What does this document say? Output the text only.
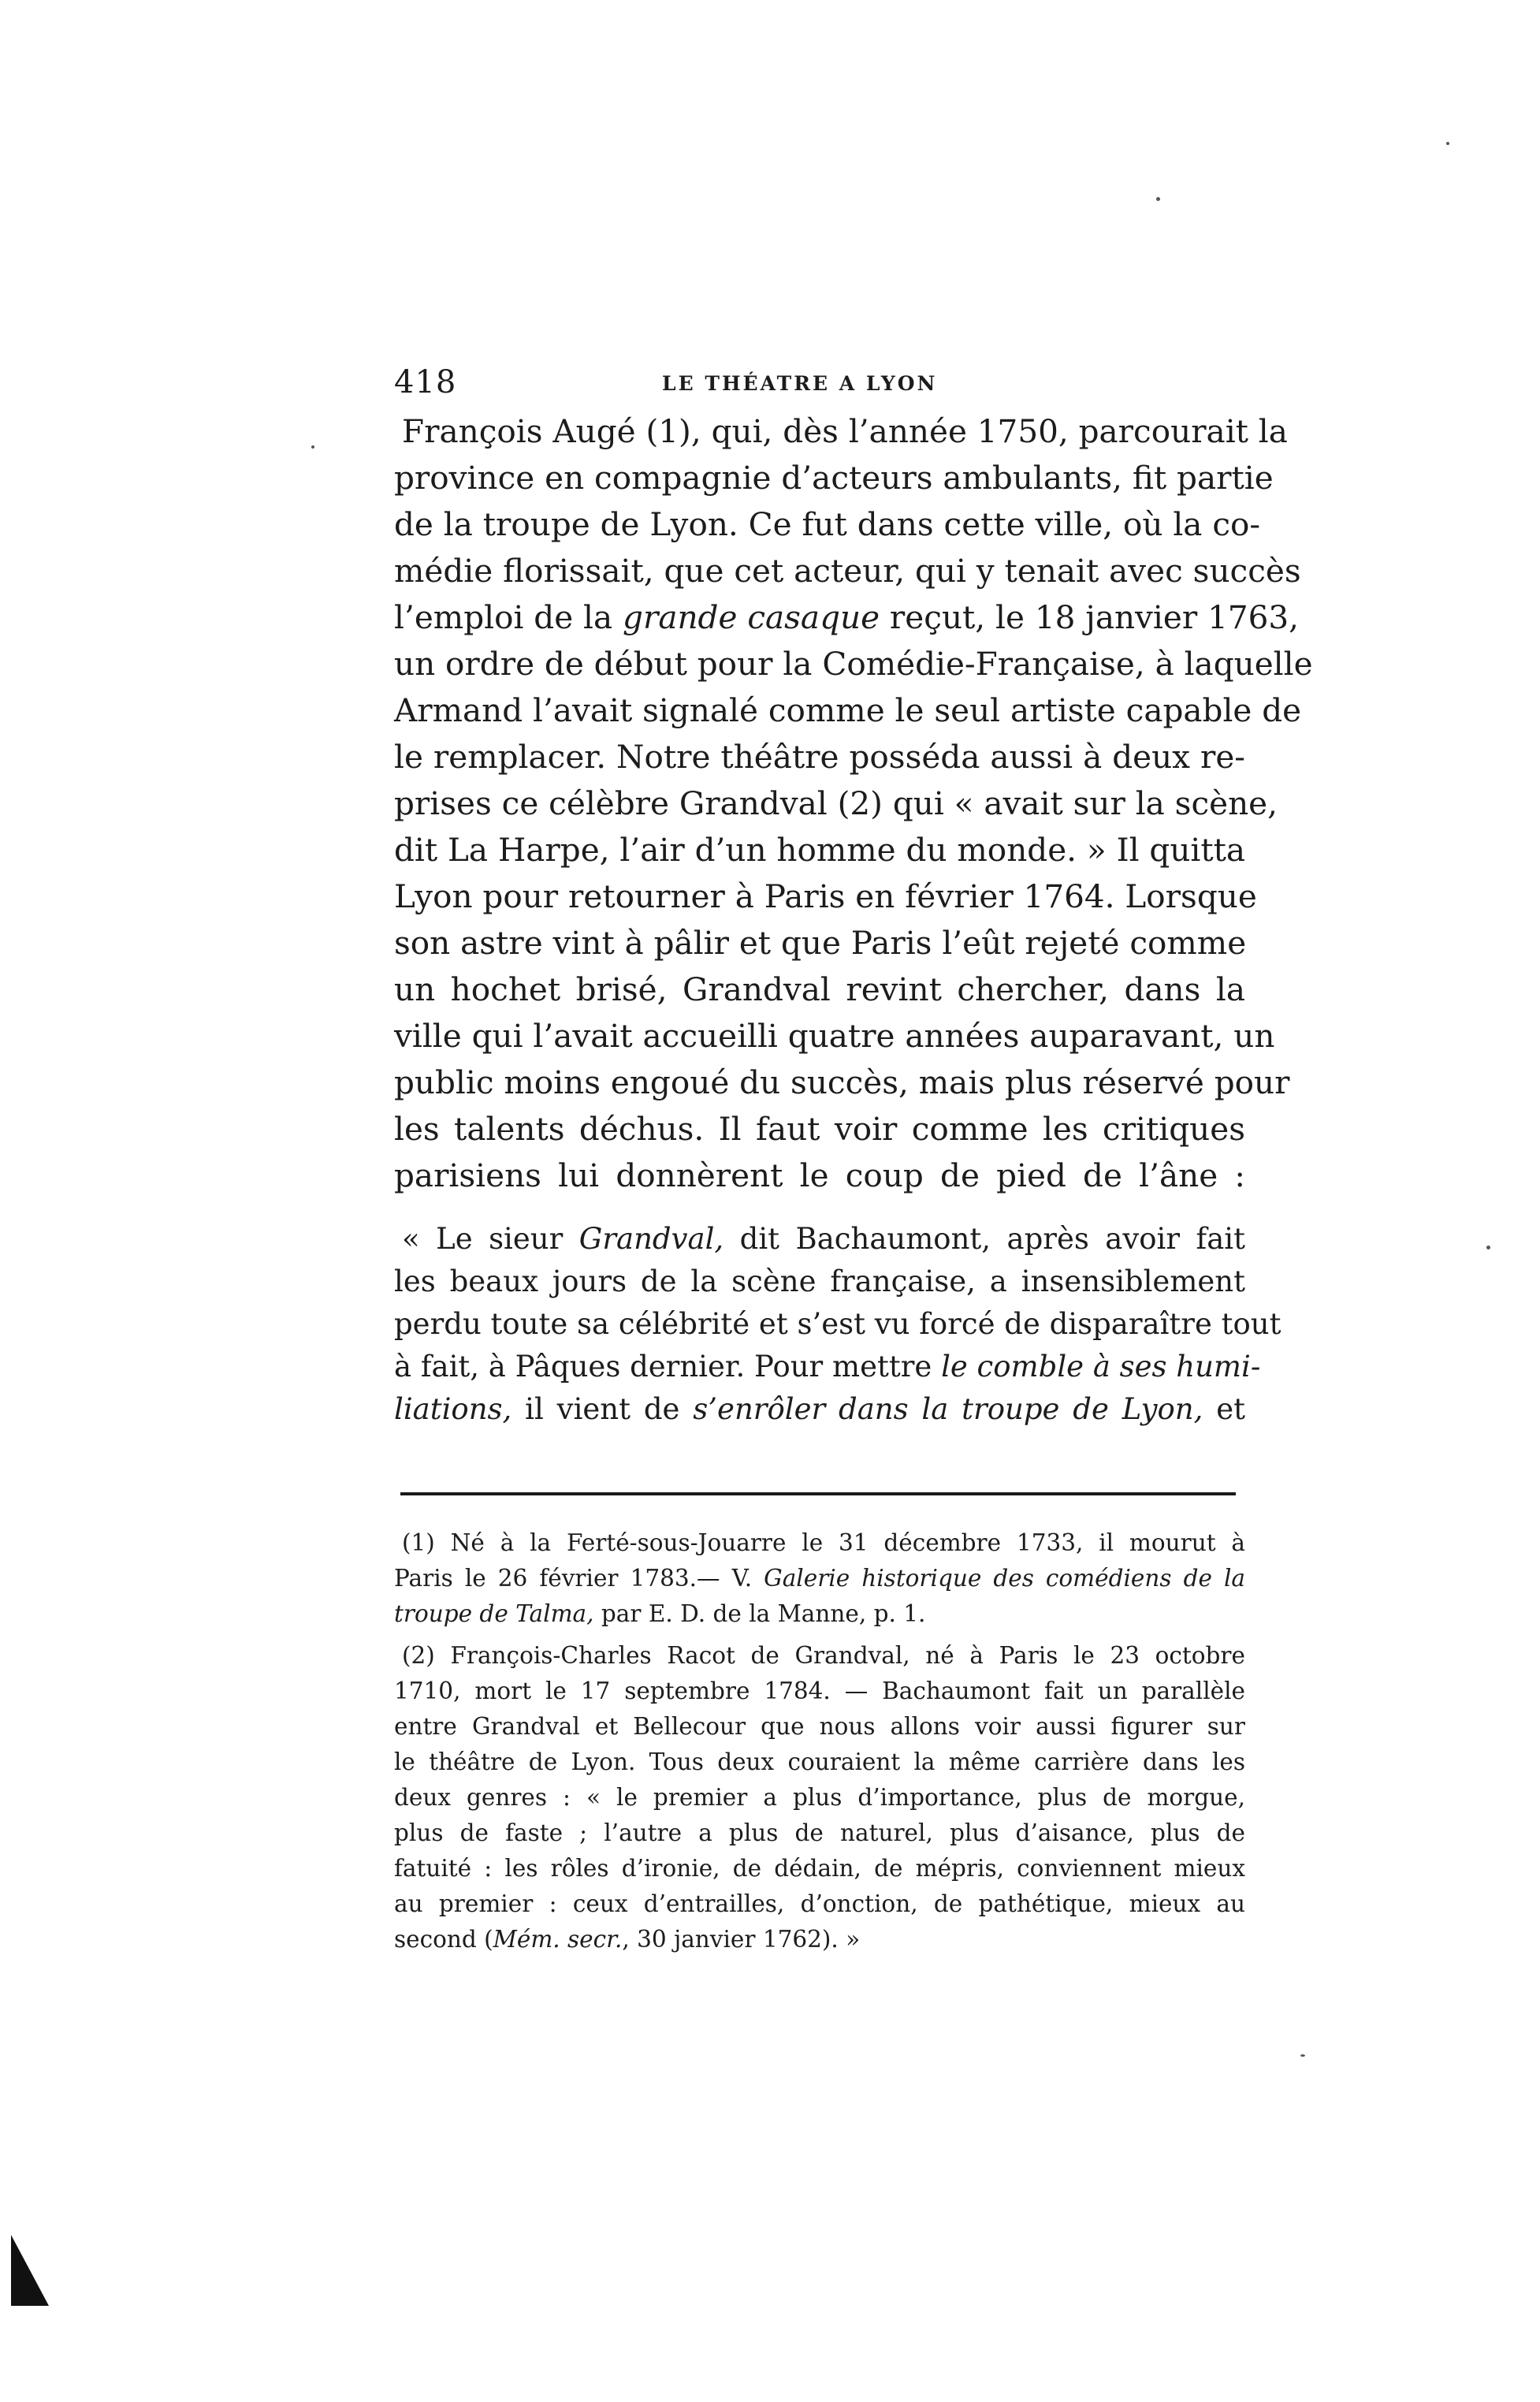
418	LE THÉATRE A LYON
François Augé (1), qui, dès l’année 1750, parcourait la
province en compagnie d’acteurs ambulants, fit partie
de la troupe de Lyon. Ce fut dans cette ville, où la co-
médie florissait, que cet acteur, qui y tenait avec succès
l’emploi de la grande casaque reçut, le 18 janvier 1763,
un ordre de début pour la Comédie-Française, à laquelle
Armand l’avait signalé comme le seul artiste capable de
le remplacer. Notre théâtre posséda aussi à deux re-
prises ce célèbre Grandval (2) qui « avait sur la scène,
dit La Harpe, l’air d’un homme du monde. » Il quitta
Lyon pour retourner à Paris en février 1764. Lorsque
son astre vint à pâlir et que Paris l’eût rejeté comme
un hochet brisé, Grandval revint chercher, dans la
ville qui l’avait accueilli quatre années auparavant, un
public moins engoué du succès, mais plus réservé pour
les talents déchus. Il faut voir comme les critiques
parisiens lui donnèrent le coup de pied de l’âne :
« Le sieur Grandval, dit Bachaumont, après avoir fait
les beaux jours de la scène française, a insensiblement
perdu toute sa célébrité et s’est vu forcé de disparaître tout
à fait, à Pâques dernier. Pour mettre le comble à ses humi-
liations, il vient de s’enrôler dans la troupe de Lyon, et
(1) Né à la Ferté-sous-Jouarre le 31 décembre 1733, il mourut à
Paris le 26 février 1783.— V. Galerie historique des comédiens de la
troupe de Talma, par E. D. de la Manne, p. 1.
(2) François-Charles Racot de Grandval, né à Paris le 23 octobre
1710, mort le 17 septembre 1784. — Bachaumont fait un parallèle
entre Grandval et Bellecour que nous allons voir aussi figurer sur
le théâtre de Lyon. Tous deux couraient la même carrière dans les
deux genres : « le premier a plus d’importance, plus de morgue,
plus de faste ; l’autre a plus de naturel, plus d’aisance, plus de
fatuité : les rôles d’ironie, de dédain, de mépris, conviennent mieux
au premier : ceux d’entrailles, d’onction, de pathétique, mieux au
second (Mém. secr., 30 janvier 1762). »
